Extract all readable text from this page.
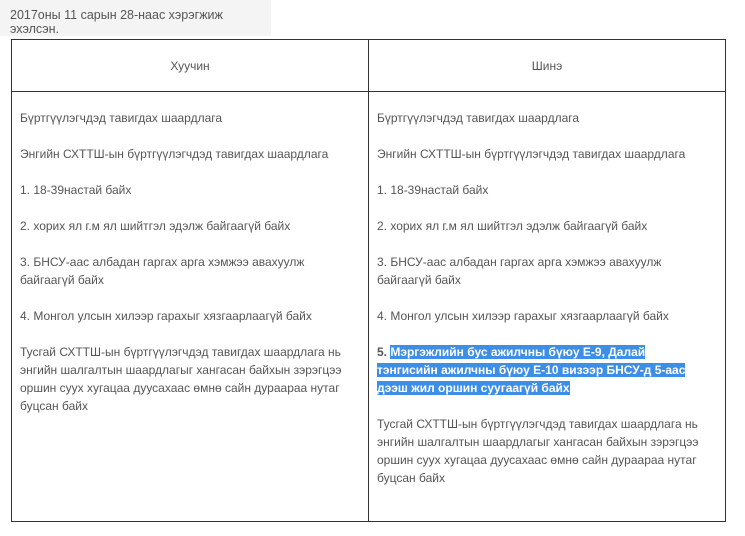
2017оны 11 сарын 28-наас хэрэгжиж эхэлсэн.
Хуучин	Шинэ

Бүртгүүлэгчдэд тавигдах шаардлага

Энгийн СХТТШ-ын бүртгүүлэгчдэд тавигдах шаардлага

1. 18-39настай байх

2. хорих ял г.м ял шийтгэл эдэлж байгаагүй байх

3. БНСУ-аас албадан гаргах арга хэмжээ авахуулж байгаагүй байх

4. Монгол улсын хилээр гарахыг хязгаарлаагүй байх

Тусгай СХТТШ-ын бүртгүүлэгчдэд тавигдах шаардлага нь энгийн шалгалтын шаардлагыг хангасан байхын зэрэгцээ оршин суух хугацаа дуусахаас өмнө сайн дураараа нутаг буцсан байх

Бүртгүүлэгчдэд тавигдах шаардлага

Энгийн СХТТШ-ын бүртгүүлэгчдэд тавигдах шаардлага

1. 18-39настай байх

2. хорих ял г.м ял шийтгэл эдэлж байгаагүй байх

3. БНСУ-аас албадан гаргах арга хэмжээ авахуулж байгаагүй байх

4. Монгол улсын хилээр гарахыг хязгаарлаагүй байх

5. Мэргэжлийн бус ажилчны бүюу Е-9, Далай тэнгисийн ажилчны бүюу Е-10 визээр БНСУ-д 5-аас дээш жил оршин суугаагүй байх

Тусгай СХТТШ-ын бүртгүүлэгчдэд тавигдах шаардлага нь энгийн шалгалтын шаардлагыг хангасан байхын зэрэгцээ оршин суух хугацаа дуусахаас өмнө сайн дураараа нутаг буцсан байх
